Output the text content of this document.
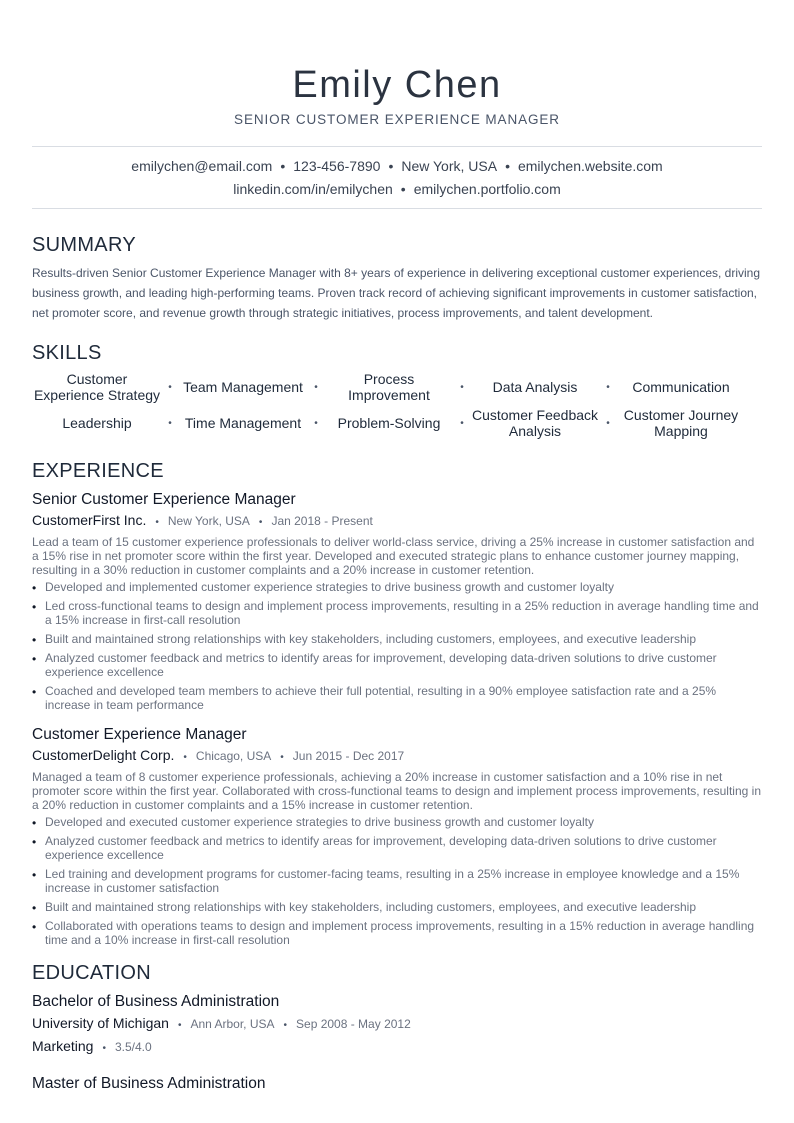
Emily Chen
SENIOR CUSTOMER EXPERIENCE MANAGER
emilychen@email.com • 123-456-7890 • New York, USA • emilychen.website.com
linkedin.com/in/emilychen • emilychen.portfolio.com
SUMMARY
Results-driven Senior Customer Experience Manager with 8+ years of experience in delivering exceptional customer experiences, driving business growth, and leading high-performing teams. Proven track record of achieving significant improvements in customer satisfaction, net promoter score, and revenue growth through strategic initiatives, process improvements, and talent development.
SKILLS
Customer Experience Strategy • Team Management	•	Process Improvement	•	Data Analysis	•	Communication
Leadership	• Time Management	•	Problem-Solving	• Customer Feedback Analysis	•	Customer Journey Mapping
EXPERIENCE
Senior Customer Experience Manager
CustomerFirst Inc. • New York, USA • Jan 2018 - Present
Lead a team of 15 customer experience professionals to deliver world-class service, driving a 25% increase in customer satisfaction and a 15% rise in net promoter score within the first year. Developed and executed strategic plans to enhance customer journey mapping, resulting in a 30% reduction in customer complaints and a 20% increase in customer retention.
• Developed and implemented customer experience strategies to drive business growth and customer loyalty
• Led cross-functional teams to design and implement process improvements, resulting in a 25% reduction in average handling time and a 15% increase in first-call resolution
• Built and maintained strong relationships with key stakeholders, including customers, employees, and executive leadership
• Analyzed customer feedback and metrics to identify areas for improvement, developing data-driven solutions to drive customer experience excellence
• Coached and developed team members to achieve their full potential, resulting in a 90% employee satisfaction rate and a 25% increase in team performance
Customer Experience Manager
CustomerDelight Corp. • Chicago, USA • Jun 2015 - Dec 2017
Managed a team of 8 customer experience professionals, achieving a 20% increase in customer satisfaction and a 10% rise in net promoter score within the first year. Collaborated with cross-functional teams to design and implement process improvements, resulting in a 20% reduction in customer complaints and a 15% increase in customer retention.
• Developed and executed customer experience strategies to drive business growth and customer loyalty
• Analyzed customer feedback and metrics to identify areas for improvement, developing data-driven solutions to drive customer experience excellence
• Led training and development programs for customer-facing teams, resulting in a 25% increase in employee knowledge and a 15% increase in customer satisfaction
• Built and maintained strong relationships with key stakeholders, including customers, employees, and executive leadership
• Collaborated with operations teams to design and implement process improvements, resulting in a 15% reduction in average handling time and a 10% increase in first-call resolution
EDUCATION
Bachelor of Business Administration
University of Michigan • Ann Arbor, USA • Sep 2008 - May 2012
Marketing • 3.5/4.0
Master of Business Administration
